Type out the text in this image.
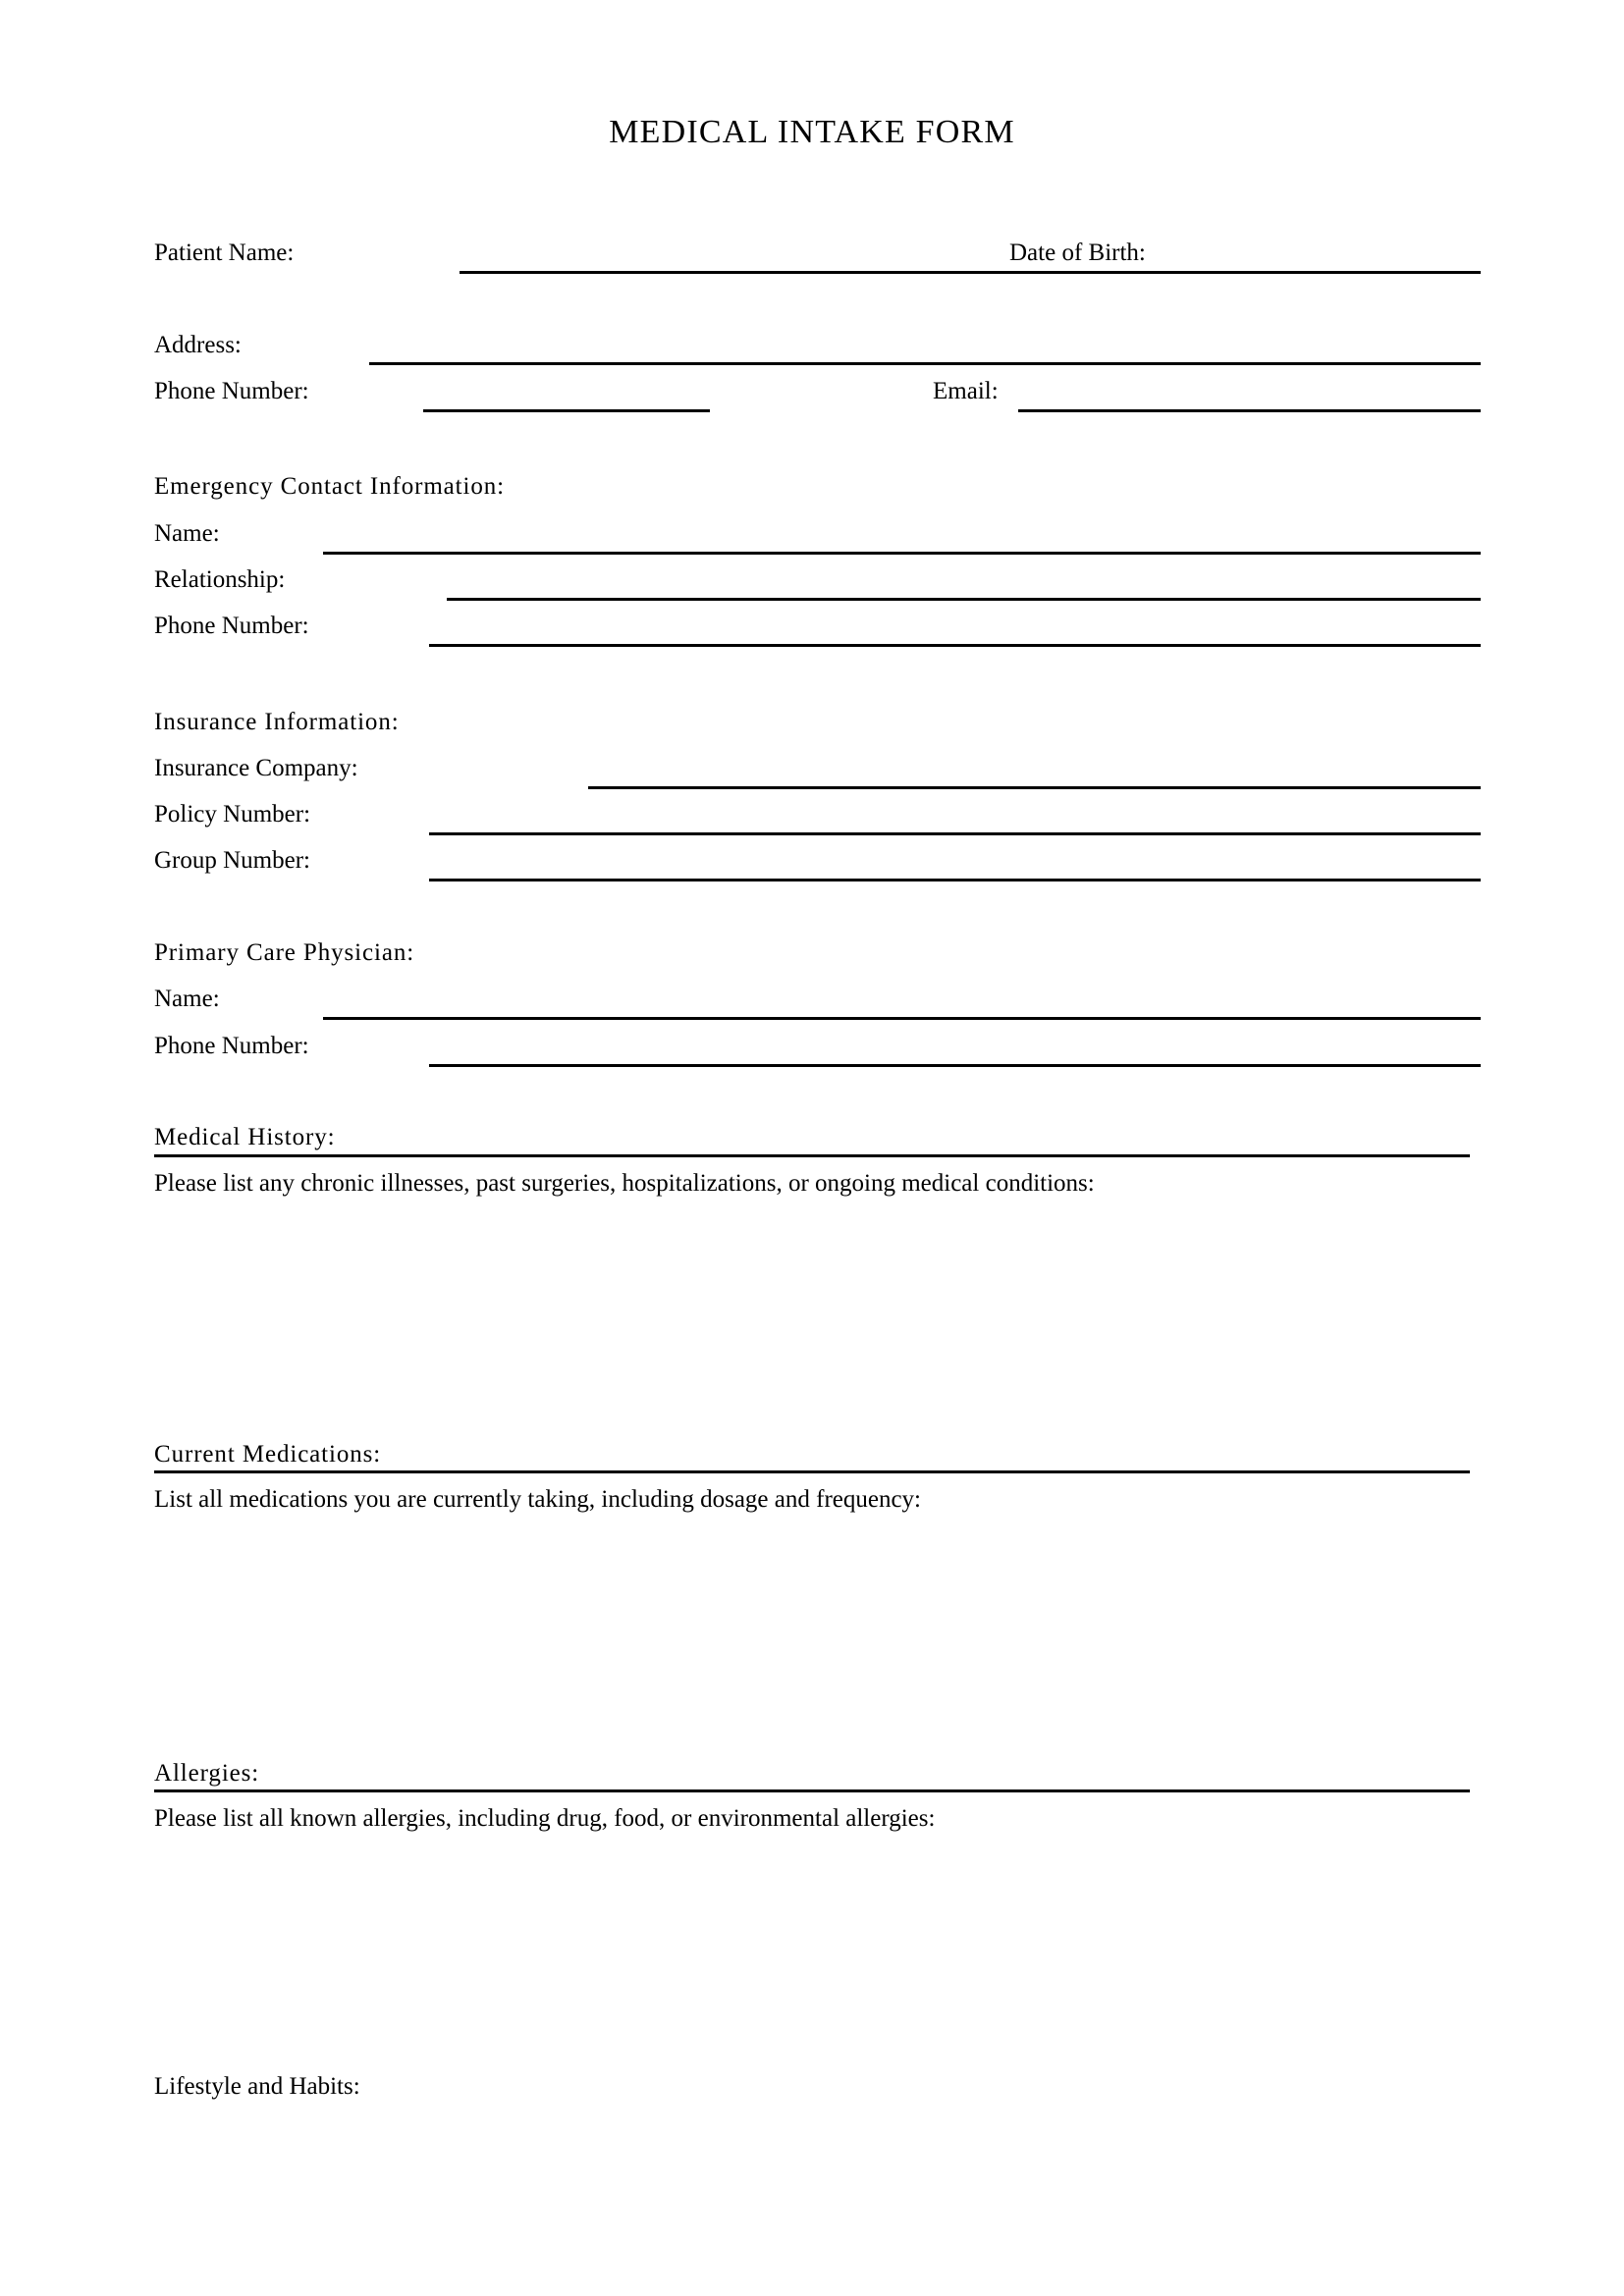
MEDICAL INTAKE FORM
Patient Name:	Date of Birth:
Address:
Phone Number:	Email:
Emergency Contact Information:
Name:
Relationship:
Phone Number:
Insurance Information:
Insurance Company:
Policy Number:
Group Number:
Primary Care Physician:
Name:
Phone Number:
Medical History:
Please list any chronic illnesses, past surgeries, hospitalizations, or ongoing medical conditions:
Current Medications:
List all medications you are currently taking, including dosage and frequency:
Allergies:
Please list all known allergies, including drug, food, or environmental allergies:
Lifestyle and Habits:
